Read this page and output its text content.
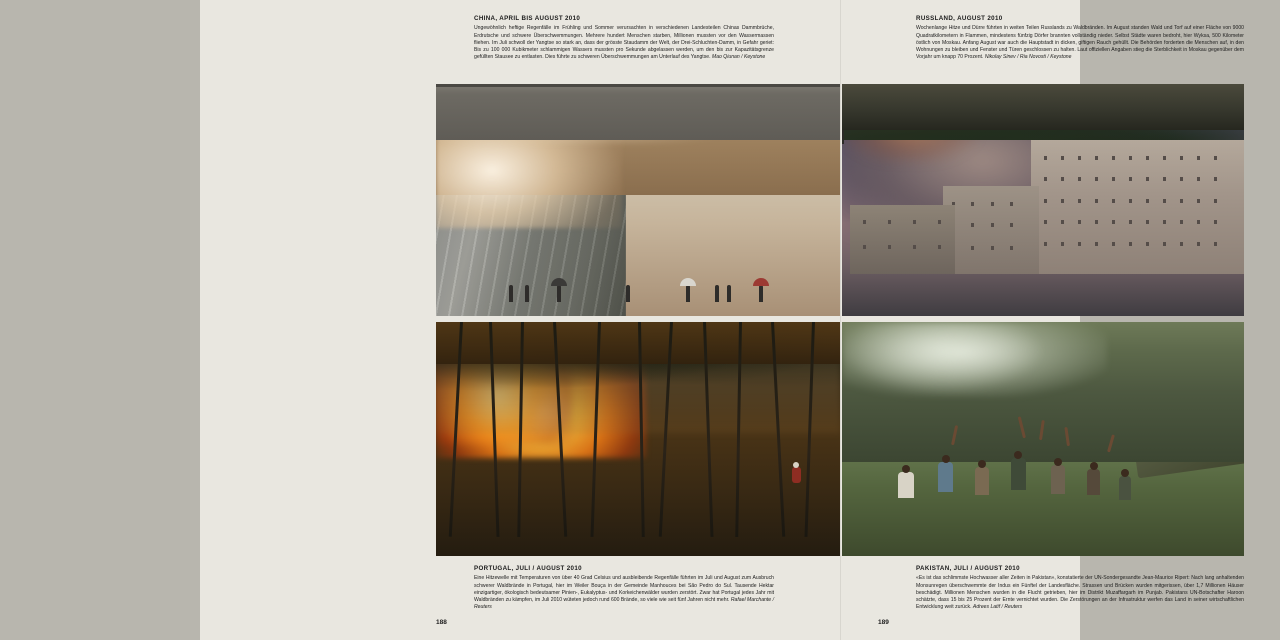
CHINA, APRIL BIS AUGUST 2010
Ungewöhnlich heftige Regenfälle im Frühling und Sommer verursachten in verschiedenen Landesteilen Chinas Dammbrüche, Erdrutsche und schwere Überschwemmungen. Mehrere hundert Menschen starben, Millionen mussten vor den Wassermassen fliehen. Im Juli schwoll der Yangtse so stark an, dass der grösste Staudamm der Welt, der Drei-Schluchten-Damm, in Gefahr geriet: Bis zu 100 000 Kubikmeter schlammigen Wassers mussten pro Sekunde abgelassen werden, um den bis zur Kapazitätsgrenze gefüllten Stausee zu entlasten. Dies führte zu schweren Überschwemmungen am Unterlauf des Yangtse. Mao Qiunan / Keystone
RUSSLAND, AUGUST 2010
Wochenlange Hitze und Dürre führten in weiten Teilen Russlands zu Waldbränden. Im August standen Wald und Torf auf einer Fläche von 9000 Quadratkilometern in Flammen, mindestens fünfzig Dörfer brannten vollständig nieder. Selbst Städte waren bedroht, hier Wyksa, 500 Kilometer östlich von Moskau. Anfang August war auch die Hauptstadt in dicken, giftigen Rauch gehüllt. Die Behörden forderten die Menschen auf, in den Wohnungen zu bleiben und Fenster und Türen geschlossen zu halten. Laut offiziellen Angaben stieg die Sterblichkeit in Moskau gegenüber dem Vorjahr um knapp 70 Prozent. Nikolay Sinev / Ria Novosti / Keystone
PORTUGAL, JULI / AUGUST 2010
Eine Hitzewelle mit Temperaturen von über 40 Grad Celsius und ausbleibende Regenfälle führten im Juli und August zum Ausbruch schwerer Waldbrände in Portugal, hier im Weiler Bouça in der Gemeinde Manhouces bei São Pedro do Sul. Tausende Hektar einzigartiger, ökologisch bedeutsamer Pinien-, Eukalyptus- und Korkeichenwälder wurden zerstört. Zwar hat Portugal jedes Jahr mit Waldbränden zu kämpfen, im Juli 2010 wüteten jedoch rund 600 Brände, so viele wie seit fünf Jahren nicht mehr. Rafael Marchante / Reuters
PAKISTAN, JULI / AUGUST 2010
«Es ist das schlimmste Hochwasser aller Zeiten in Pakistan», konstatierte der UN-Sondergesandte Jean-Maurice Ripert: Nach lang anhaltenden Monsunregen überschwemmte der Indus ein Fünftel der Landesfläche. Strassen und Brücken wurden mitgerissen, über 1,7 Millionen Häuser beschädigt. Millionen Menschen wurden in die Flucht getrieben, hier im Distrikt Muzaffargarh im Punjab. Pakistans UN-Botschafter Haroon schätzte, dass 15 bis 25 Prozent der Ernte vernichtet wurden. Die Zerstörungen an der Infrastruktur werfen das Land in seiner wirtschaftlichen Entwicklung weit zurück. Adrees Latif / Reuters
188	189
